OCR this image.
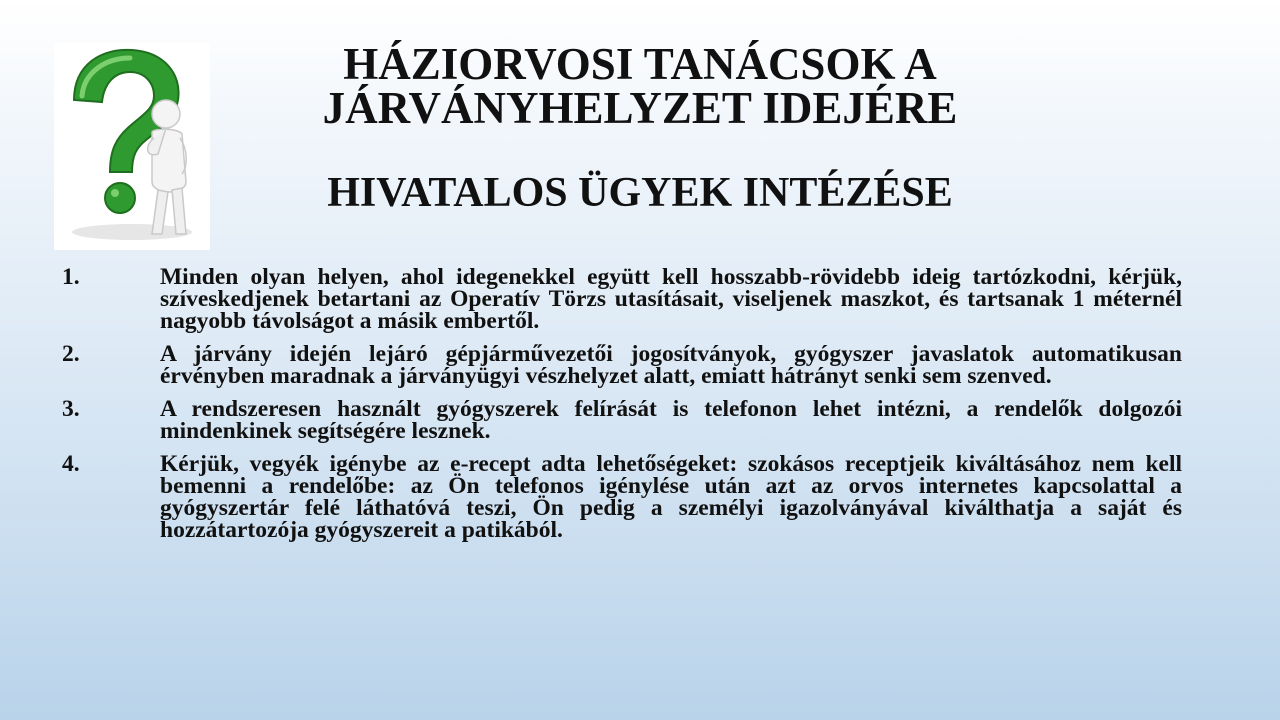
HÁZIORVOSI TANÁCSOK A
JÁRVÁNYHELYZET IDEJÉRE
HIVATALOS ÜGYEK INTÉZÉSE
1.	Minden olyan helyen, ahol idegenekkel együtt kell hosszabb-rövidebb ideig tartózkodni, kérjük, szíveskedjenek betartani az Operatív Törzs utasításait, viseljenek maszkot, és tartsanak 1 méternél nagyobb távolságot a másik embertől.
2.	A járvány idején lejáró gépjárművezetői jogosítványok, gyógyszer javaslatok automatikusan érvényben maradnak a járványügyi vészhelyzet alatt, emiatt hátrányt senki sem szenved.
3.	A rendszeresen használt gyógyszerek felírását is telefonon lehet intézni, a rendelők dolgozói mindenkinek segítségére lesznek.
4.	Kérjük, vegyék igénybe az e-recept adta lehetőségeket: szokásos receptjeik kiváltásához nem kell bemenni a rendelőbe: az Ön telefonos igénylése után azt az orvos internetes kapcsolattal a gyógyszertár felé láthatóvá teszi, Ön pedig a személyi igazolványával kiválthatja a saját és hozzátartozója gyógyszereit a patikából.
